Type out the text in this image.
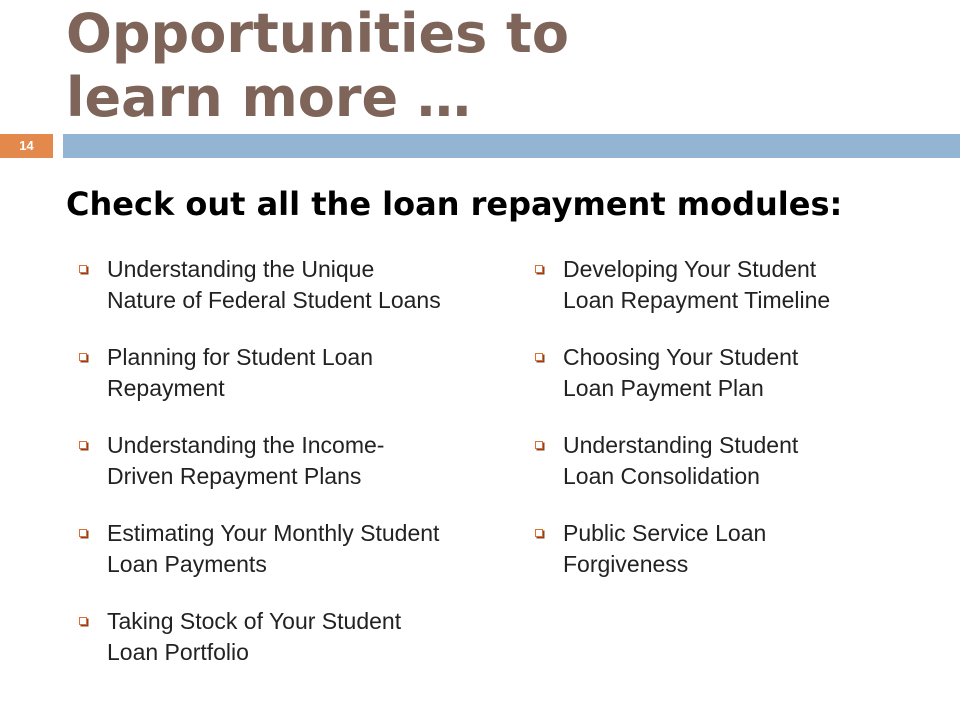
Opportunities to
learn more …
14
Check out all the loan repayment modules:
Understanding the Unique
Nature of Federal Student Loans
Planning for Student Loan
Repayment
Understanding the Income-
Driven Repayment Plans
Estimating Your Monthly Student
Loan Payments
Taking Stock of Your Student
Loan Portfolio
Developing Your Student
Loan Repayment Timeline
Choosing Your Student
Loan Payment Plan
Understanding Student
Loan Consolidation
Public Service Loan
Forgiveness
